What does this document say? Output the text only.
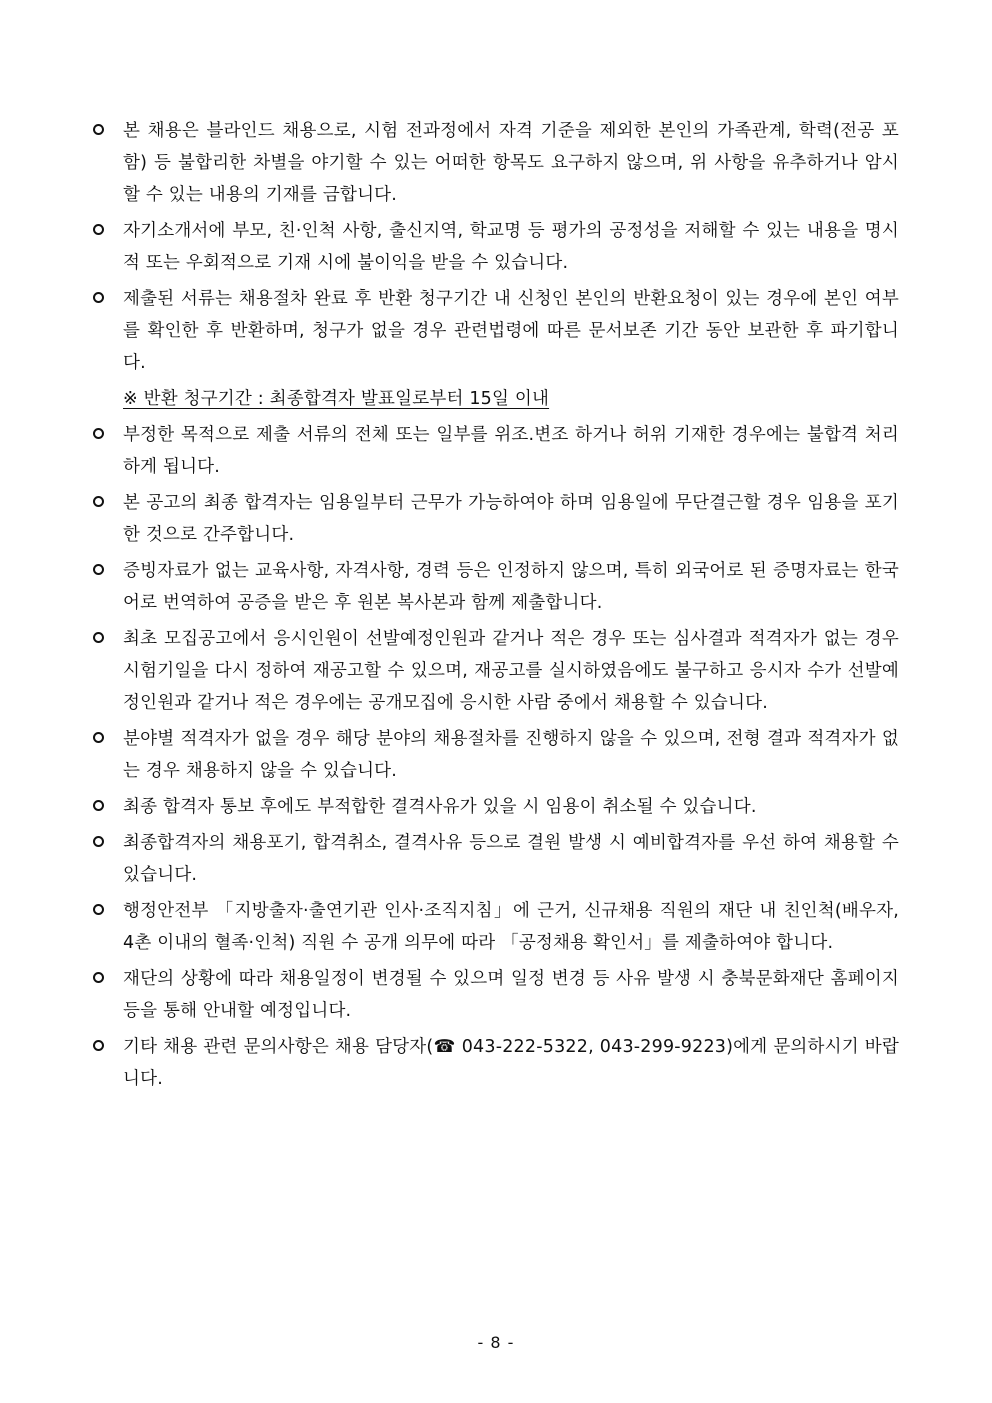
본 채용은 블라인드 채용으로, 시험 전과정에서 자격 기준을 제외한 본인의 가족관계, 학력(전공 포함) 등 불합리한 차별을 야기할 수 있는 어떠한 항목도 요구하지 않으며, 위 사항을 유추하거나 암시할 수 있는 내용의 기재를 금합니다.
자기소개서에 부모, 친·인척 사항, 출신지역, 학교명 등 평가의 공정성을 저해할 수 있는 내용을 명시적 또는 우회적으로 기재 시에 불이익을 받을 수 있습니다.
제출된 서류는 채용절차 완료 후 반환 청구기간 내 신청인 본인의 반환요청이 있는 경우에 본인 여부를 확인한 후 반환하며, 청구가 없을 경우 관련법령에 따른 문서보존 기간 동안 보관한 후 파기합니다.
※ 반환 청구기간 : 최종합격자 발표일로부터 15일 이내
부정한 목적으로 제출 서류의 전체 또는 일부를 위조.변조 하거나 허위 기재한 경우에는 불합격 처리하게 됩니다.
본 공고의 최종 합격자는 임용일부터 근무가 가능하여야 하며 임용일에 무단결근할 경우 임용을 포기한 것으로 간주합니다.
증빙자료가 없는 교육사항, 자격사항, 경력 등은 인정하지 않으며, 특히 외국어로 된 증명자료는 한국어로 번역하여 공증을 받은 후 원본 복사본과 함께 제출합니다.
최초 모집공고에서 응시인원이 선발예정인원과 같거나 적은 경우 또는 심사결과 적격자가 없는 경우 시험기일을 다시 정하여 재공고할 수 있으며, 재공고를 실시하였음에도 불구하고 응시자 수가 선발예정인원과 같거나 적은 경우에는 공개모집에 응시한 사람 중에서 채용할 수 있습니다.
분야별 적격자가 없을 경우 해당 분야의 채용절차를 진행하지 않을 수 있으며, 전형 결과 적격자가 없는 경우 채용하지 않을 수 있습니다.
최종 합격자 통보 후에도 부적합한 결격사유가 있을 시 임용이 취소될 수 있습니다.
최종합격자의 채용포기, 합격취소, 결격사유 등으로 결원 발생 시 예비합격자를 우선 하여 채용할 수 있습니다.
행정안전부 「지방출자·출연기관 인사·조직지침」에 근거, 신규채용 직원의 재단 내 친인척(배우자, 4촌 이내의 혈족·인척) 직원 수 공개 의무에 따라 「공정채용 확인서」를 제출하여야 합니다.
재단의 상황에 따라 채용일정이 변경될 수 있으며 일정 변경 등 사유 발생 시 충북문화재단 홈페이지 등을 통해 안내할 예정입니다.
기타 채용 관련 문의사항은 채용 담당자(☎ 043-222-5322, 043-299-9223)에게 문의하시기 바랍니다.
- 8 -
